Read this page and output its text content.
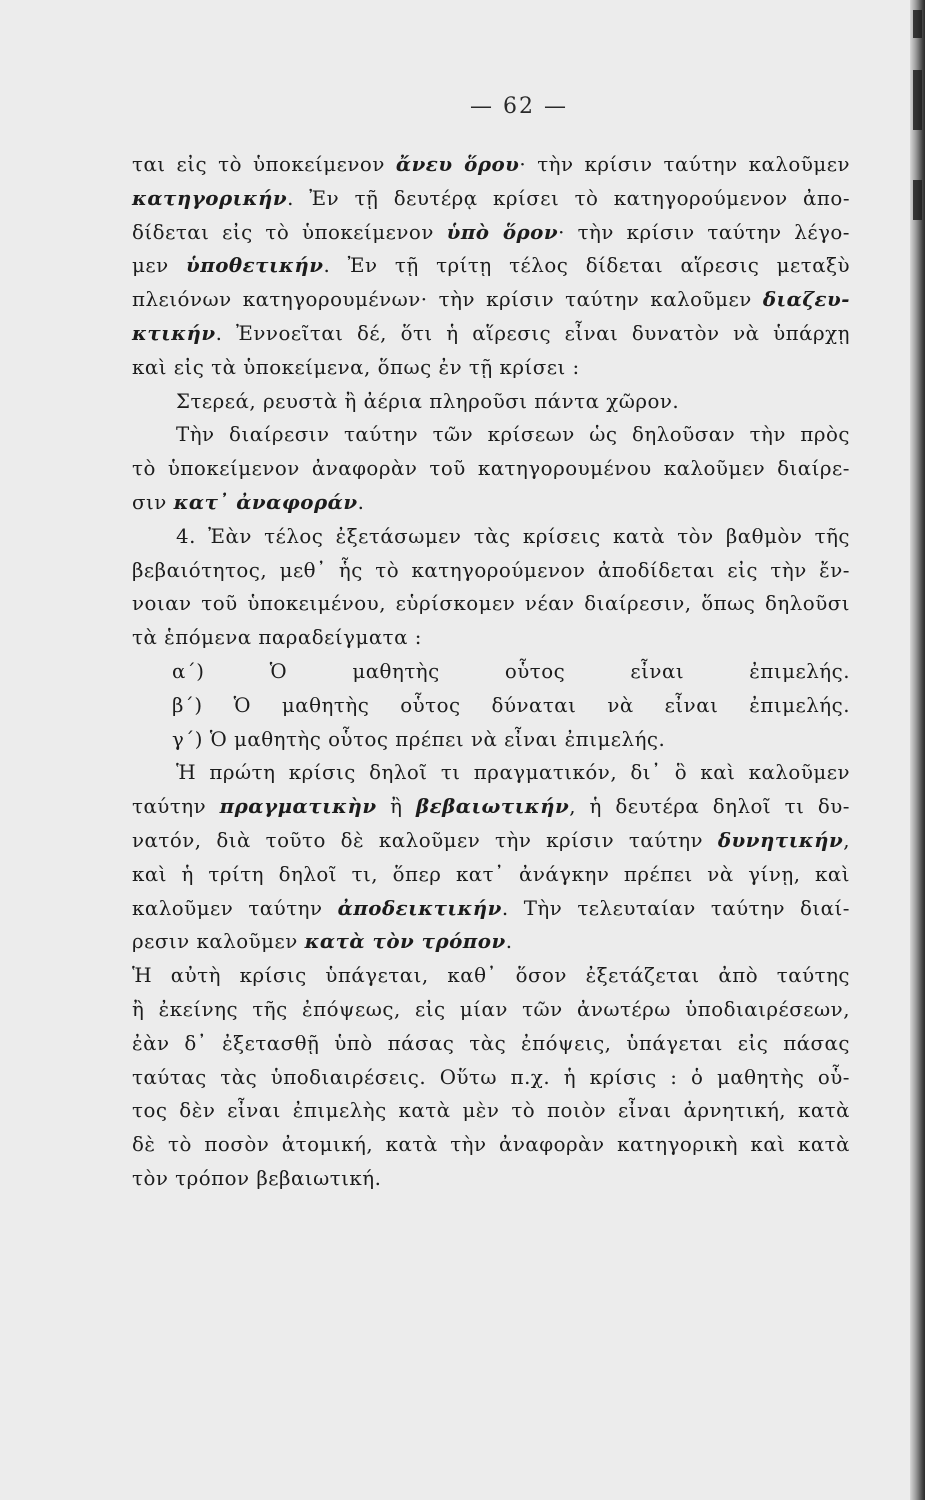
— 62 —
ται εἰς τὸ ὑποκείμενον ἄνευ ὅρου· τὴν κρίσιν ταύτην καλοῦμεν
κατηγορικήν. Ἐν τῇ δευτέρᾳ κρίσει τὸ κατηγορούμενον ἀπο-
δίδεται εἰς τὸ ὑποκείμενον ὑπὸ ὅρον· τὴν κρίσιν ταύτην λέγο-
μεν ὑποθετικήν. Ἐν τῇ τρίτῃ τέλος δίδεται αἵρεσις μεταξὺ
πλειόνων κατηγορουμένων· τὴν κρίσιν ταύτην καλοῦμεν διαζευ-
κτικήν. Ἐννοεῖται δέ, ὅτι ἡ αἵρεσις εἶναι δυνατὸν νὰ ὑπάρχῃ
καὶ εἰς τὰ ὑποκείμενα, ὅπως ἐν τῇ κρίσει :
Στερεά, ρευστὰ ἢ ἀέρια πληροῦσι πάντα χῶρον.
Τὴν διαίρεσιν ταύτην τῶν κρίσεων ὡς δηλοῦσαν τὴν πρὸς
τὸ ὑποκείμενον ἀναφορὰν τοῦ κατηγορουμένου καλοῦμεν διαίρε-
σιν κατ᾽ ἀναφοράν.
4. Ἐὰν τέλος ἐξετάσωμεν τὰς κρίσεις κατὰ τὸν βαθμὸν τῆς
βεβαιότητος, μεθ᾽ ἧς τὸ κατηγορούμενον ἀποδίδεται εἰς τὴν ἔν-
νοιαν τοῦ ὑποκειμένου, εὑρίσκομεν νέαν διαίρεσιν, ὅπως δηλοῦσι
τὰ ἑπόμενα παραδείγματα :
α´) Ὁ μαθητὴς οὗτος εἶναι ἐπιμελής.
β´) Ὁ μαθητὴς οὗτος δύναται νὰ εἶναι ἐπιμελής.
γ´) Ὁ μαθητὴς οὗτος πρέπει νὰ εἶναι ἐπιμελής.
Ἡ πρώτη κρίσις δηλοῖ τι πραγματικόν, δι᾽ ὃ καὶ καλοῦμεν
ταύτην πραγματικὴν ἢ βεβαιωτικήν, ἡ δευτέρα δηλοῖ τι δυ-
νατόν, διὰ τοῦτο δὲ καλοῦμεν τὴν κρίσιν ταύτην δυνητικήν,
καὶ ἡ τρίτη δηλοῖ τι, ὅπερ κατ᾽ ἀνάγκην πρέπει νὰ γίνῃ, καὶ
καλοῦμεν ταύτην ἀποδεικτικήν. Τὴν τελευταίαν ταύτην διαί-
ρεσιν καλοῦμεν κατὰ τὸν τρόπον.
Ἡ αὐτὴ κρίσις ὑπάγεται, καθ᾽ ὅσον ἐξετάζεται ἀπὸ ταύτης
ἢ ἐκείνης τῆς ἐπόψεως, εἰς μίαν τῶν ἀνωτέρω ὑποδιαιρέσεων,
ἐὰν δ᾽ ἐξετασθῇ ὑπὸ πάσας τὰς ἐπόψεις, ὑπάγεται εἰς πάσας
ταύτας τὰς ὑποδιαιρέσεις. Οὕτω π.χ. ἡ κρίσις : ὁ μαθητὴς οὗ-
τος δὲν εἶναι ἐπιμελὴς κατὰ μὲν τὸ ποιὸν εἶναι ἀρνητική, κατὰ
δὲ τὸ ποσὸν ἀτομική, κατὰ τὴν ἀναφορὰν κατηγορικὴ καὶ κατὰ
τὸν τρόπον βεβαιωτική.
